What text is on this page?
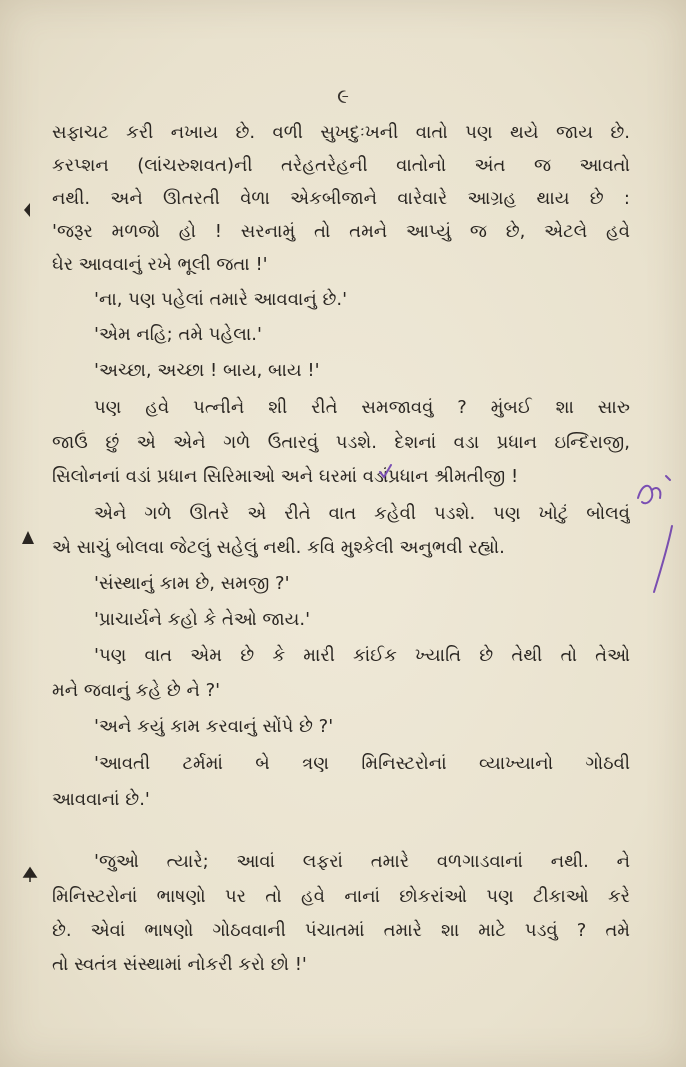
૯
સફાચટ કરી નખાય છે. વળી સુખદુઃખની વાતો પણ થયે જાય છે.
કરપ્શન (લાંચરુશવત)ની તરેહતરેહની વાતોનો અંત જ આવતો
નથી. અને ઊતરતી વેળા એકબીજાને વારેવારે આગ્રહ થાય છે :
'જરૂર મળજો હો ! સરનામું તો તમને આપ્યું જ છે, એટલે હવે
ઘેર આવવાનું રખે ભૂલી જતા !'
'ના, પણ પહેલાં તમારે આવવાનું છે.'
'એમ નહિ; તમે પહેલા.'
'અચ્છા, અચ્છા ! બાય, બાય !'
પણ હવે પત્નીને શી રીતે સમજાવવું ? મુંબઈ શા સારુ
જાઉં છું એ એને ગળે ઉતારવું પડશે. દેશનાં વડા પ્રધાન ઇન્દિરાજી,
સિલોનનાં વડાં પ્રધાન સિરિમાઓ અને ઘરમાં વડાંપ્રધાન શ્રીમતીજી !
એને ગળે ઊતરે એ રીતે વાત કહેવી પડશે. પણ ખોટું બોલવું
એ સાચું બોલવા જેટલું સહેલું નથી. કવિ મુશ્કેલી અનુભવી રહ્યો.
'સંસ્થાનું કામ છે, સમજી ?'
'પ્રાચાર્યને કહો કે તેઓ જાય.'
'પણ વાત એમ છે કે મારી કાંઈક ખ્યાતિ છે તેથી તો તેઓ
મને જવાનું કહે છે ને ?'
'અને કયું કામ કરવાનું સોંપે છે ?'
'આવતી ટર્મમાં બે ત્રણ મિનિસ્ટરોનાં વ્યાખ્યાનો ગોઠવી
આવવાનાં છે.'
'જુઓ ત્યારે; આવાં લફરાં તમારે વળગાડવાનાં નથી. ને
મિનિસ્ટરોનાં ભાષણો પર તો હવે નાનાં છોકરાંઓ પણ ટીકાઓ કરે
છે. એવાં ભાષણો ગોઠવવાની પંચાતમાં તમારે શા માટે પડવું ? તમે
તો સ્વતંત્ર સંસ્થામાં નોકરી કરો છો !'
